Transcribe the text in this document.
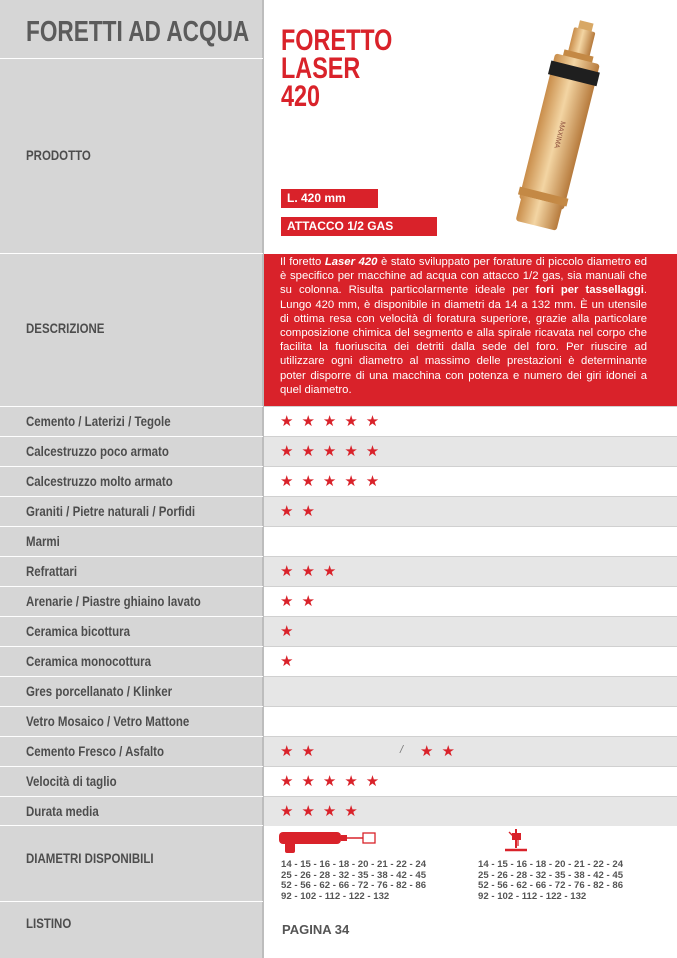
FORETTI AD ACQUA
PRODOTTO
FORETTO
LASER
420
L. 420 mm
ATTACCO 1/2 GAS
MAXIMA
DESCRIZIONE
Il foretto Laser 420 è stato sviluppato per forature di piccolo diametro ed è specifico per macchine ad acqua con attacco 1/2 gas, sia manuali che su colonna. Risulta particolarmente ideale per fori per tassellaggi. Lungo 420 mm, è disponibile in diametri da 14 a 132 mm. È un utensile di ottima resa con velocità di foratura superiore, grazie alla particolare composizione chimica del segmento e alla spirale ricavata nel corpo che facilita la fuoriuscita dei detriti dalla sede del foro. Per riuscire ad utilizzare ogni diametro al massimo delle prestazioni è determinante poter disporre di una macchina con potenza e numero dei giri idonei a quel diametro.
Cemento / Laterizi / Tegole	★★★★★
Calcestruzzo poco armato	★★★★★
Calcestruzzo molto armato	★★★★★
Graniti / Pietre naturali / Porfidi	★★
Marmi
Refrattari	★★★
Arenarie / Piastre ghiaino lavato	★★
Ceramica bicottura	★
Ceramica monocottura	★
Gres porcellanato / Klinker
Vetro Mosaico / Vetro Mattone
Cemento Fresco / Asfalto	★★	/ ★★
Velocità di taglio	★★★★★
Durata media	★★★★
DIAMETRI DISPONIBILI	14 - 15 - 16 - 18 - 20 - 21 - 22 - 24
25 - 26 - 28 - 32 - 35 - 38 - 42 - 45
52 - 56 - 62 - 66 - 72 - 76 - 82 - 86
92 - 102 - 112 - 122 - 132
14 - 15 - 16 - 18 - 20 - 21 - 22 - 24
25 - 26 - 28 - 32 - 35 - 38 - 42 - 45
52 - 56 - 62 - 66 - 72 - 76 - 82 - 86
92 - 102 - 112 - 122 - 132
LISTINO	PAGINA 34
